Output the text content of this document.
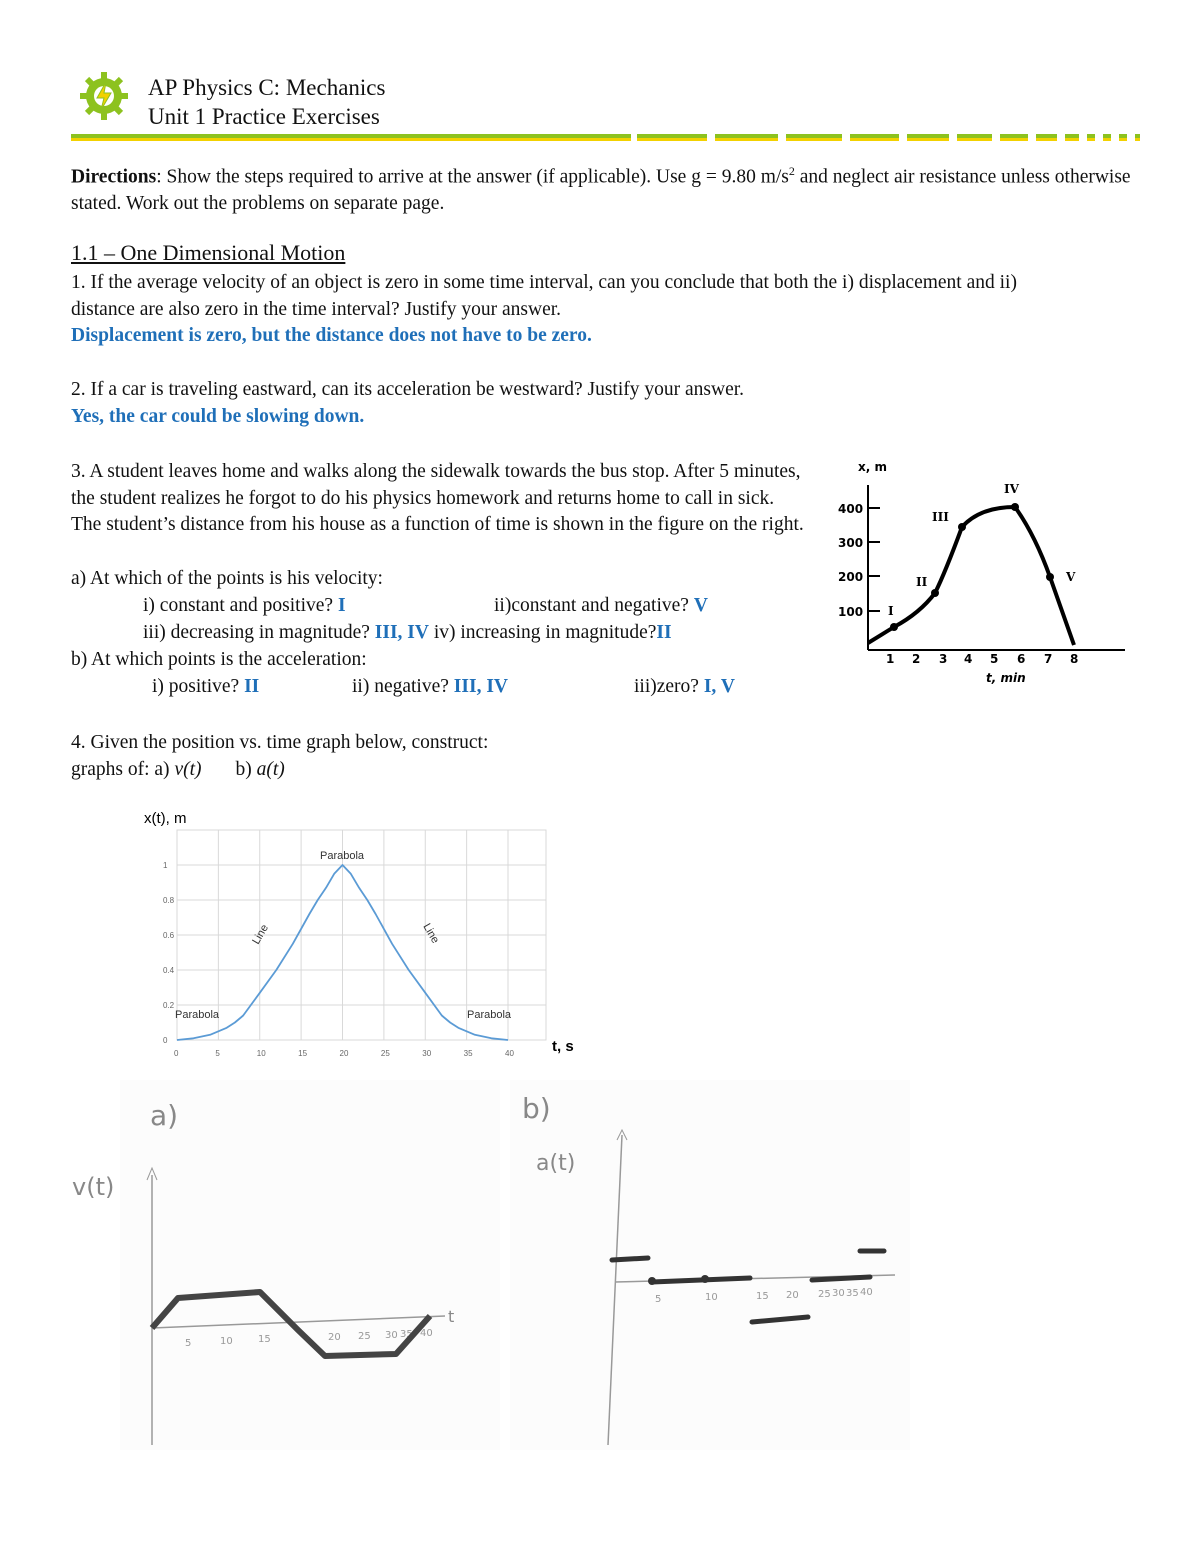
AP Physics C: Mechanics
Unit 1 Practice Exercises
Directions: Show the steps required to arrive at the answer (if applicable). Use g = 9.80 $m/s^2$ and neglect air resistance unless otherwise stated. Work out the problems on separate page.
1.1 – One Dimensional Motion
1. If the average velocity of an object is zero in some time interval, can you conclude that both the i) displacement and ii) distance are also zero in the time interval? Justify your answer.
Displacement is zero, but the distance does not have to be zero.
2. If a car is traveling eastward, can its acceleration be westward? Justify your answer.
Yes, the car could be slowing down.
3. A student leaves home and walks along the sidewalk towards the bus stop. After 5 minutes, the student realizes he forgot to do his physics homework and returns home to call in sick. The student’s distance from his house as a function of time is shown in the figure on the right.
a) At which of the points is his velocity:
i) constant and positive? I	ii)constant and negative? V
iii) decreasing in magnitude? III, IV iv) increasing in magnitude?II
b) At which points is the acceleration:
i) positive? II	ii) negative? III, IV	iii)zero? I, V
x, m
400
300
200
100
1 2 3 4 5 6 7 8
t, min
I
II
III
IV
V
4. Given the position vs. time graph below, construct:
graphs of: a) v(t) b) a(t)
x(t), m
t, s
0
0.2
0.4
0.6
0.8
1
0	5	10	15	20	25	30	35	40
Parabola
Line
Parabola
Line
Parabola
a)	b)
v(t)
a(t)
t
5	10	15	20 25 30 35 40
5	10	15 20 25 30 35 40
